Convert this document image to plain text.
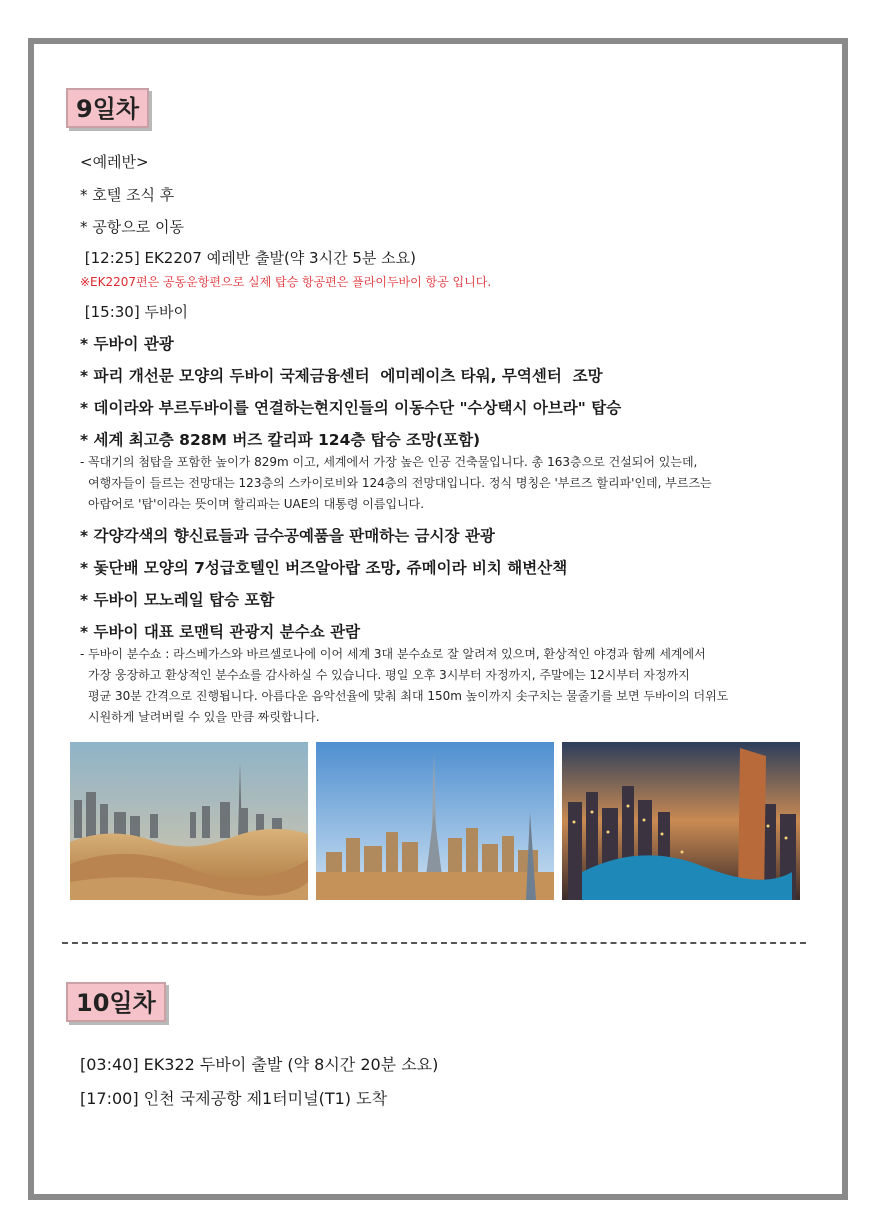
9일차
<예레반>
* 호텔 조식 후
* 공항으로 이동
[12:25] EK2207 예레반 출발(약 3시간 5분 소요)
※EK2207편은 공동운항편으로 실제 탑승 항공편은 플라이두바이 항공 입니다.
[15:30] 두바이
* 두바이 관광
* 파리 개선문 모양의 두바이 국제금융센터  에미레이츠 타워, 무역센터  조망
* 데이라와 부르두바이를 연결하는현지인들의 이동수단 "수상택시 아브라" 탑승
* 세계 최고층 828M 버즈 칼리파 124층 탑승 조망(포함)
- 꼭대기의 첨탑을 포함한 높이가 829m 이고, 세계에서 가장 높은 인공 건축물입니다. 총 163층으로 건설되어 있는데,
여행자들이 들르는 전망대는 123층의 스카이로비와 124층의 전망대입니다. 정식 명칭은 '부르즈 할리파'인데, 부르즈는
아랍어로 '탑'이라는 뜻이며 할리파는 UAE의 대통령 이름입니다.
* 각양각색의 향신료들과 금수공예품을 판매하는 금시장 관광
* 돛단배 모양의 7성급호텔인 버즈알아랍 조망, 쥬메이라 비치 해변산책
* 두바이 모노레일 탑승 포함
* 두바이 대표 로맨틱 관광지 분수쇼 관람
- 두바이 분수쇼 : 라스베가스와 바르셀로나에 이어 세계 3대 분수쇼로 잘 알려져 있으며, 환상적인 야경과 함께 세계에서
가장 웅장하고 환상적인 분수쇼를 감사하실 수 있습니다. 평일 오후 3시부터 자정까지, 주말에는 12시부터 자정까지
평균 30분 간격으로 진행됩니다. 아름다운 음악선율에 맞춰 최대 150m 높이까지 솟구치는 물줄기를 보면 두바이의 더위도
시원하게 날려버릴 수 있을 만큼 짜릿합니다.
10일차
[03:40] EK322 두바이 출발 (약 8시간 20분 소요)
[17:00] 인천 국제공항 제1터미널(T1) 도착
